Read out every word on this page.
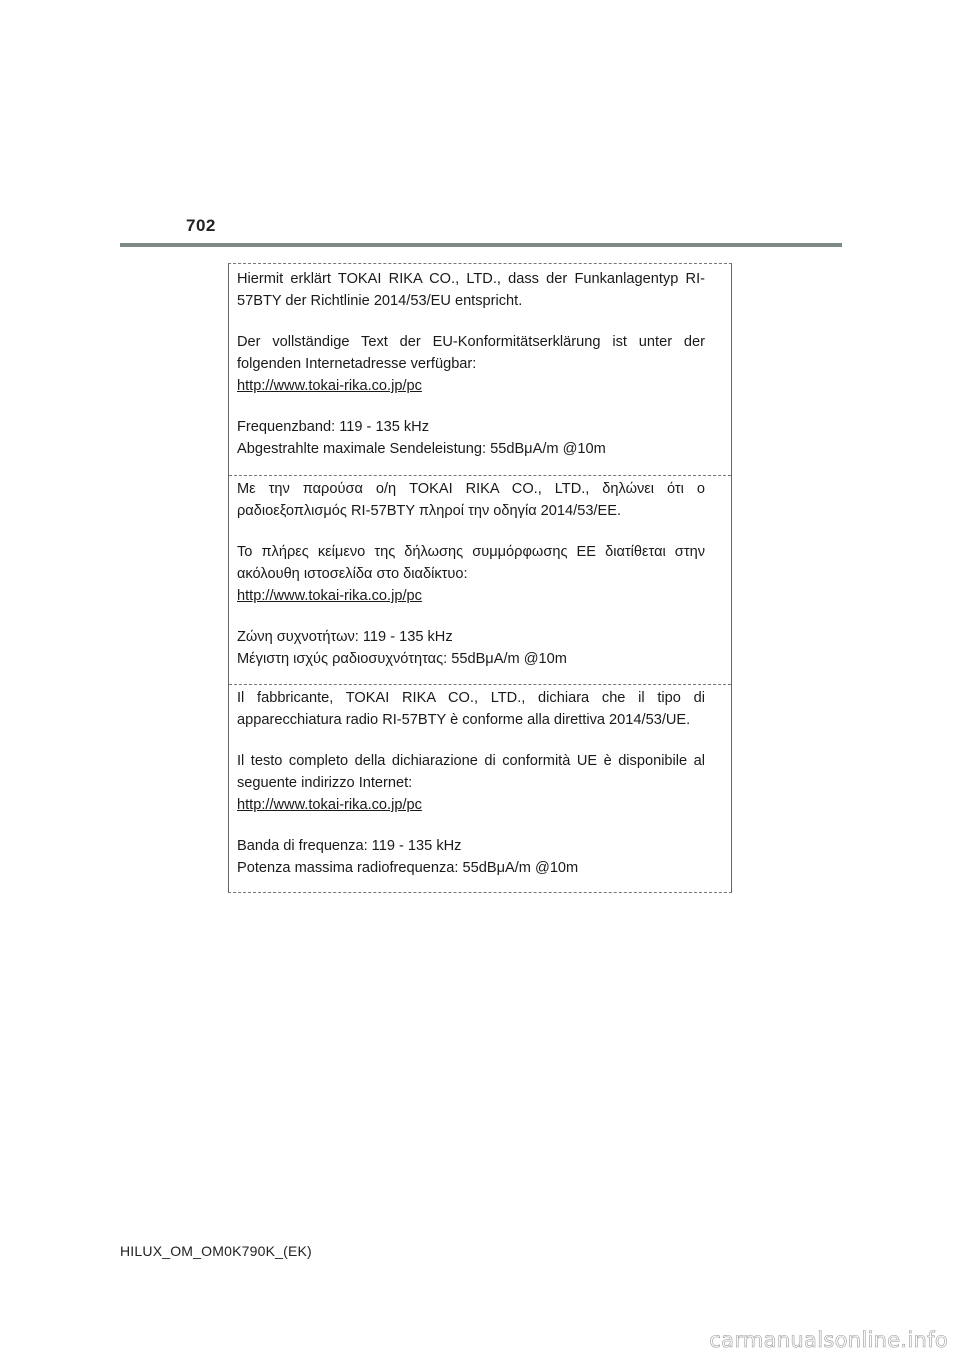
702

Hiermit erklärt TOKAI RIKA CO., LTD., dass der Funkanlagentyp RI-57BTY der Richtlinie 2014/53/EU entspricht.

Der vollständige Text der EU-Konformitätserklärung ist unter der folgenden Internetadresse verfügbar:

http://www.tokai-rika.co.jp/pc
Frequenzband: 119 - 135 kHz
Abgestrahlte maximale Sendeleistung: 55dBμA/m @10m

Με την παρούσα ο/η TOKAI RIKA CO., LTD., δηλώνει ότι ο ραδιοεξοπλισμός RI-57BTY πληροί την οδηγία 2014/53/ΕΕ.

Το πλήρες κείμενο της δήλωσης συμμόρφωσης ΕΕ διατίθεται στην ακόλουθη ιστοσελίδα στο διαδίκτυο:

http://www.tokai-rika.co.jp/pc
Ζώνη συχνοτήτων: 119 - 135 kHz
Μέγιστη ισχύς ραδιοσυχνότητας: 55dBμA/m @10m

Il fabbricante, TOKAI RIKA CO., LTD., dichiara che il tipo di apparecchiatura radio RI-57BTY è conforme alla direttiva 2014/53/UE.

Il testo completo della dichiarazione di conformità UE è disponibile al seguente indirizzo Internet:

http://www.tokai-rika.co.jp/pc
Banda di frequenza: 119 - 135 kHz
Potenza massima radiofrequenza: 55dBμA/m @10m
HILUX_OM_OM0K790K_(EK)
carmanualsonline.info
